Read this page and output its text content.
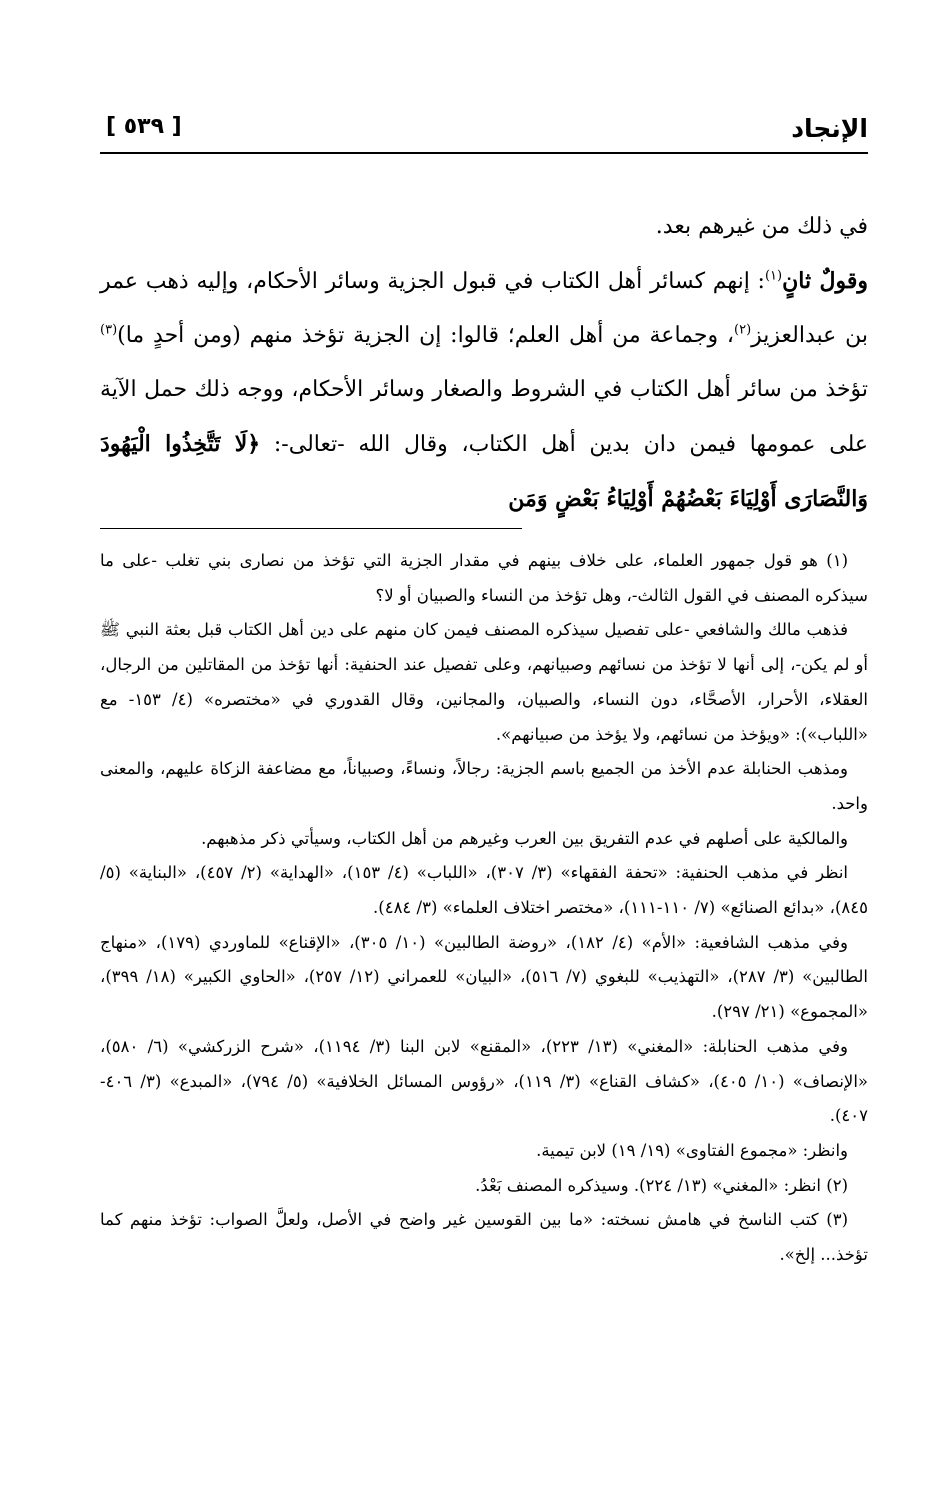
الإنجاد
[ ٥٣٩ ]

في ذلك من غيرهم بعد.

وقولٌ ثانٍ$^{(١)}$: إنهم كسائر أهل الكتاب في قبول الجزية وسائر الأحكام، وإليه ذهب عمر بن عبدالعزيز$^{(٢)}$، وجماعة من أهل العلم؛ قالوا: إن الجزية تؤخذ منهم (ومن أحدٍ ما)$^{(٣)}$ تؤخذ من سائر أهل الكتاب في الشروط والصغار وسائر الأحكام، ووجه ذلك حمل الآية على عمومها فيمن دان بدين أهل الكتاب، وقال الله -تعالى-: ﴿لَا تَتَّخِذُوا الْيَهُودَ وَالنَّصَارَى أَوْلِيَاءَ بَعْضُهُمْ أَوْلِيَاءُ بَعْضٍ وَمَن

(١) هو قول جمهور العلماء، على خلاف بينهم في مقدار الجزية التي تؤخذ من نصارى بني تغلب -على ما سيذكره المصنف في القول الثالث-، وهل تؤخذ من النساء والصبيان أو لا؟

فذهب مالك والشافعي -على تفصيل سيذكره المصنف فيمن كان منهم على دين أهل الكتاب قبل بعثة النبي ﷺ أو لم يكن-، إلى أنها لا تؤخذ من نسائهم وصبيانهم، وعلى تفصيل عند الحنفية: أنها تؤخذ من المقاتلين من الرجال، العقلاء، الأحرار، الأصحَّاء، دون النساء، والصبيان، والمجانين، وقال القدوري في «مختصره» (٤/ ١٥٣- مع «اللباب»): «ويؤخذ من نسائهم، ولا يؤخذ من صبيانهم».

ومذهب الحنابلة عدم الأخذ من الجميع باسم الجزية: رجالاً، ونساءً، وصبياناً، مع مضاعفة الزكاة عليهم، والمعنى واحد.

والمالكية على أصلهم في عدم التفريق بين العرب وغيرهم من أهل الكتاب، وسيأتي ذكر مذهبهم.

انظر في مذهب الحنفية: «تحفة الفقهاء» (٣/ ٣٠٧)، «اللباب» (٤/ ١٥٣)، «الهداية» (٢/ ٤٥٧)، «البناية» (٥/ ٨٤٥)، «بدائع الصنائع» (٧/ ١١٠-١١١)، «مختصر اختلاف العلماء» (٣/ ٤٨٤).

وفي مذهب الشافعية: «الأم» (٤/ ١٨٢)، «روضة الطالبين» (١٠/ ٣٠٥)، «الإقناع» للماوردي (١٧٩)، «منهاج الطالبين» (٣/ ٢٨٧)، «التهذيب» للبغوي (٧/ ٥١٦)، «البيان» للعمراني (١٢/ ٢٥٧)، «الحاوي الكبير» (١٨/ ٣٩٩)، «المجموع» (٢١/ ٢٩٧).

وفي مذهب الحنابلة: «المغني» (١٣/ ٢٢٣)، «المقنع» لابن البنا (٣/ ١١٩٤)، «شرح الزركشي» (٦/ ٥٨٠)، «الإنصاف» (١٠/ ٤٠٥)، «كشاف القناع» (٣/ ١١٩)، «رؤوس المسائل الخلافية» (٥/ ٧٩٤)، «المبدع» (٣/ ٤٠٦- ٤٠٧).

وانظر: «مجموع الفتاوى» (١٩/ ١٩) لابن تيمية.

(٢) انظر: «المغني» (١٣/ ٢٢٤). وسيذكره المصنف بَعْدُ.

(٣) كتب الناسخ في هامش نسخته: «ما بين القوسين غير واضح في الأصل، ولعلَّ الصواب: تؤخذ منهم كما تؤخذ... إلخ».
